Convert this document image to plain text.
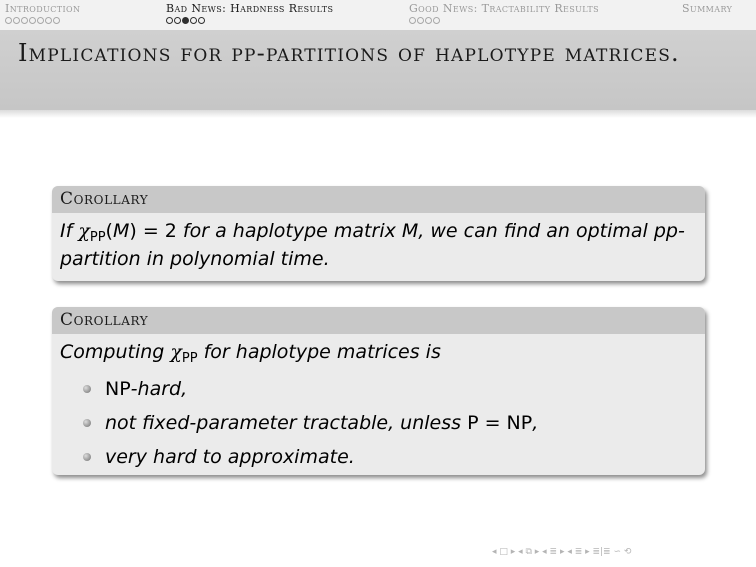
Introduction	Bad News: Hardness Results	Good News: Tractability Results	Summary
Implications for pp-partitions of haplotype matrices.
Corollary
If $\chi_{PP}(M) = 2$ for a haplotype matrix M, we can find an optimal pp-partition in polynomial time.
Corollary
Computing $\chi_{PP}$ for haplotype matrices is
NP-hard,
not fixed-parameter tractable, unless P = NP,
very hard to approximate.
◂ □ ▸ ◂ ⧉ ▸ ◂ ≣ ▸ ◂ ≣ ▸ ≣|≣ ∽ ⟲
